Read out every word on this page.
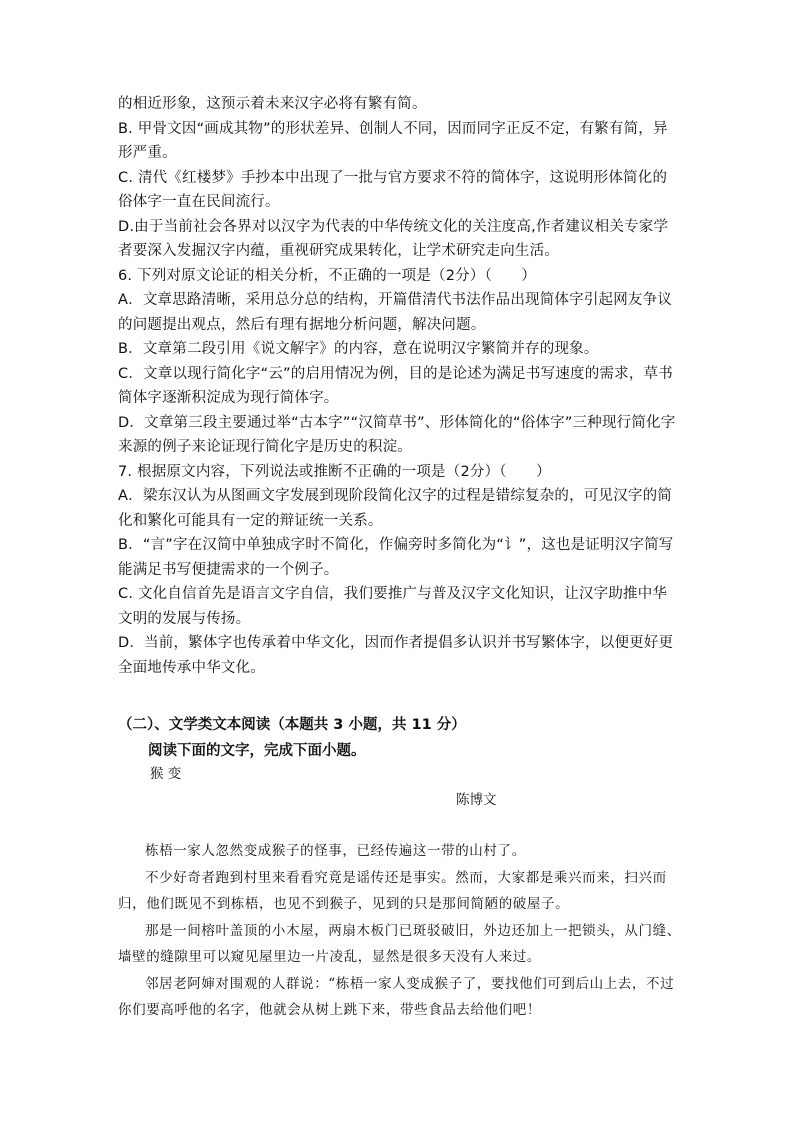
的相近形象，这预示着未来汉字必将有繁有简。

B. 甲骨文因“画成其物”的形状差异、创制人不同，因而同字正反不定，有繁有简，异形严重。

C. 清代《红楼梦》手抄本中出现了一批与官方要求不符的简体字，这说明形体简化的俗体字一直在民间流行。

D.由于当前社会各界对以汉字为代表的中华传统文化的关注度高,作者建议相关专家学者要深入发掘汉字内蕴，重视研究成果转化，让学术研究走向生活。

6. 下列对原文论证的相关分析，不正确的一项是（2分）（　　）

A．文章思路清晰，采用总分总的结构，开篇借清代书法作品出现简体字引起网友争议的问题提出观点，然后有理有据地分析问题，解决问题。

B．文章第二段引用《说文解字》的内容，意在说明汉字繁简并存的现象。

C．文章以现行简化字“云”的启用情况为例，目的是论述为满足书写速度的需求，草书简体字逐渐积淀成为现行简体字。

D．文章第三段主要通过举“古本字”“汉简草书”、形体简化的“俗体字”三种现行简化字来源的例子来论证现行简化字是历史的积淀。

7. 根据原文内容，下列说法或推断不正确的一项是（2分）（　　）

A．梁东汉认为从图画文字发展到现阶段简化汉字的过程是错综复杂的，可见汉字的简化和繁化可能具有一定的辩证统一关系。

B．“言”字在汉简中单独成字时不简化，作偏旁时多简化为“讠”，这也是证明汉字简写能满足书写便捷需求的一个例子。

C. 文化自信首先是语言文字自信，我们要推广与普及汉字文化知识，让汉字助推中华文明的发展与传扬。

D．当前，繁体字也传承着中华文化，因而作者提倡多认识并书写繁体字，以便更好更全面地传承中华文化。

（二）、文学类文本阅读（本题共 3 小题，共 11 分）
阅读下面的文字，完成下面小题。
猴 变
陈博文

栋梧一家人忽然变成猴子的怪事，已经传遍这一带的山村了。

不少好奇者跑到村里来看看究竟是谣传还是事实。然而，大家都是乘兴而来，扫兴而归，他们既见不到栋梧，也见不到猴子，见到的只是那间简陋的破屋子。

那是一间榕叶盖顶的小木屋，两扇木板门已斑驳破旧，外边还加上一把锁头，从门缝、墙壁的缝隙里可以窥见屋里边一片凌乱，显然是很多天没有人来过。

邻居老阿婶对围观的人群说：“栋梧一家人变成猴子了，要找他们可到后山上去，不过你们要高呼他的名字，他就会从树上跳下来，带些食品去给他们吧！
